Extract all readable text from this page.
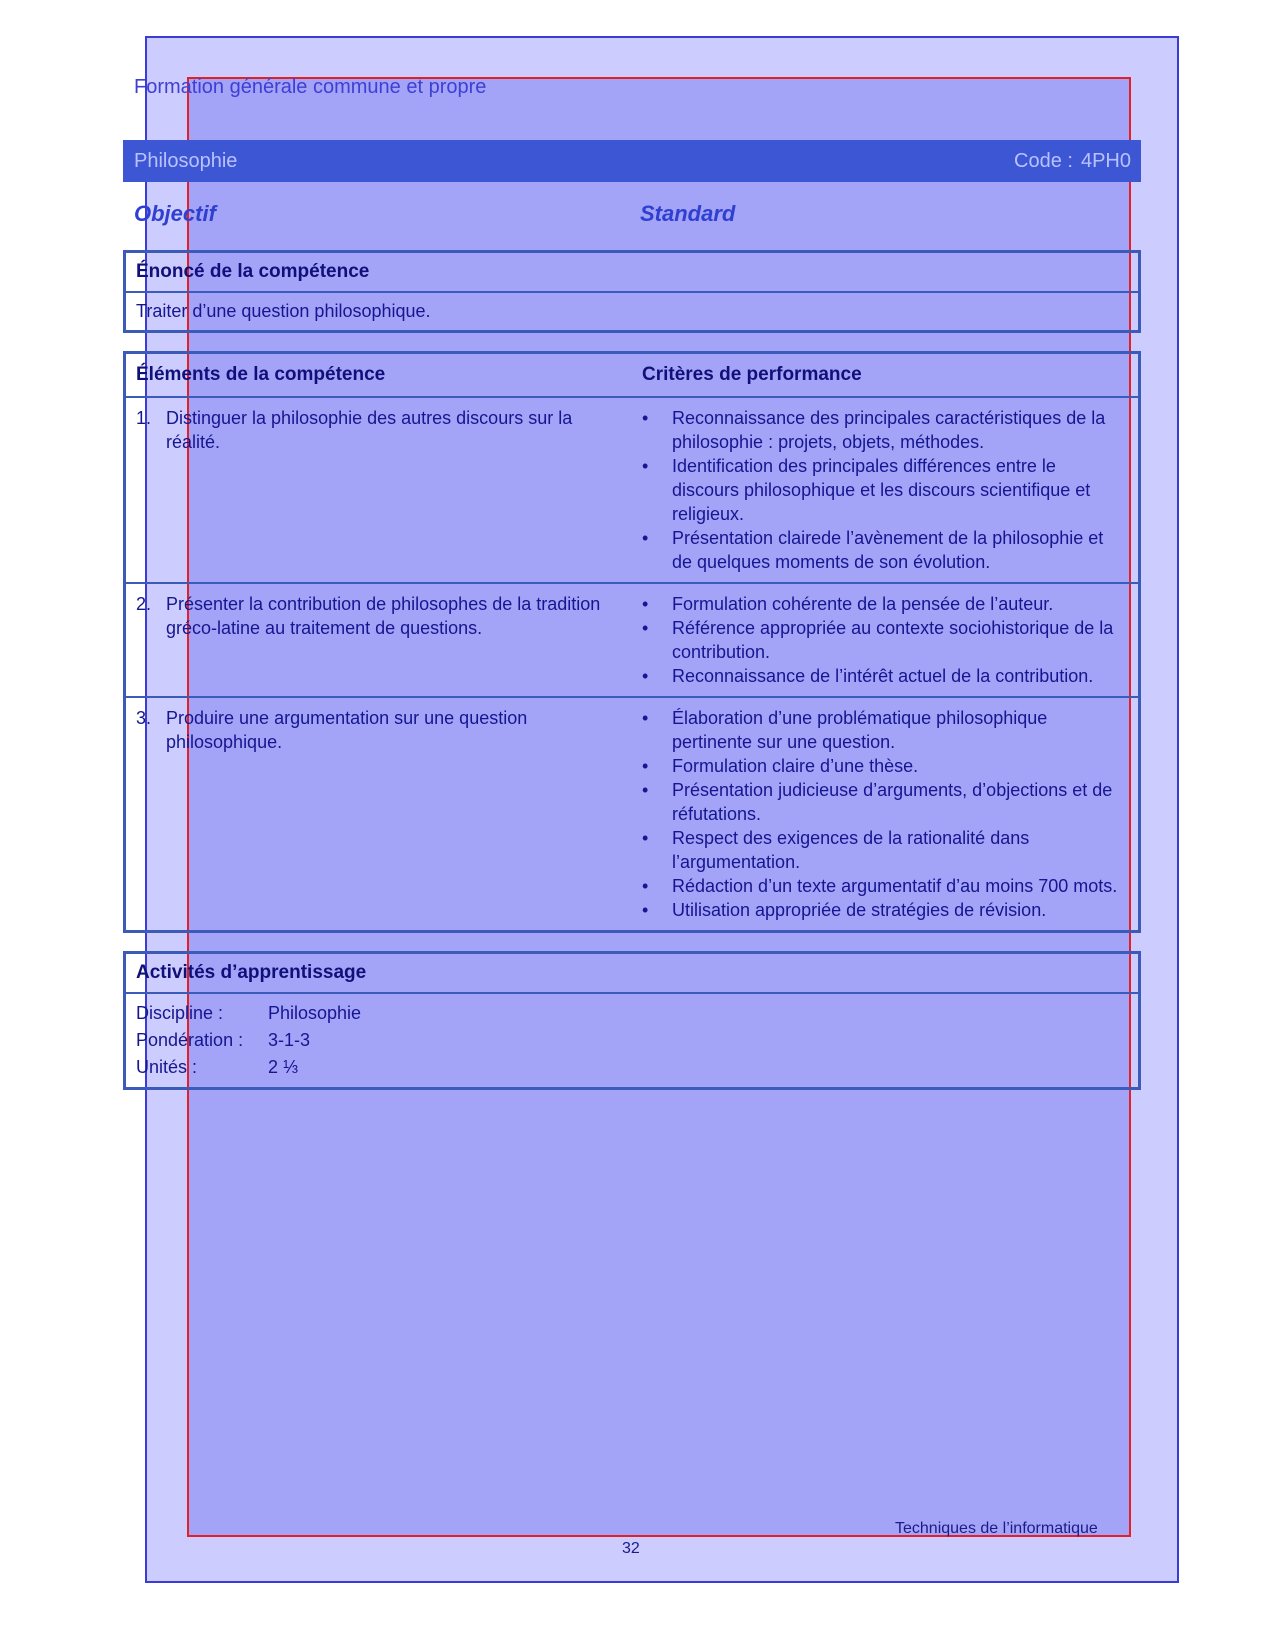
Formation générale commune et propre
Philosophie	Code : 4PH0
Objectif	Standard
Énoncé de la compétence
Traiter d’une question philosophique.
Éléments de la compétence	Critères de performance
1. Distinguer la philosophie des autres discours sur la réalité.
•	Reconnaissance des principales caractéristiques de la philosophie : projets, objets, méthodes.
•	Identification des principales différences entre le discours philosophique et les discours scientifique et religieux.
•	Présentation clairede l’avènement de la philosophie et de quelques moments de son évolution.
2. Présenter la contribution de philosophes de la tradition gréco-latine au traitement de questions.
•	Formulation cohérente de la pensée de l’auteur.
•	Référence appropriée au contexte sociohistorique de la contribution.
•	Reconnaissance de l’intérêt actuel de la contribution.
3. Produire une argumentation sur une question philosophique.
•	Élaboration d’une problématique philosophique pertinente sur une question.
•	Formulation claire d’une thèse.
•	Présentation judicieuse d’arguments, d’objections et de réfutations.
•	Respect des exigences de la rationalité dans l’argumentation.
•	Rédaction d’un texte argumentatif d’au moins 700 mots.
•	Utilisation appropriée de stratégies de révision.
Activités d’apprentissage
Discipline :	Philosophie
Pondération :	3-1-3
Unités :	2 ⅓
Techniques de l’informatique
32
